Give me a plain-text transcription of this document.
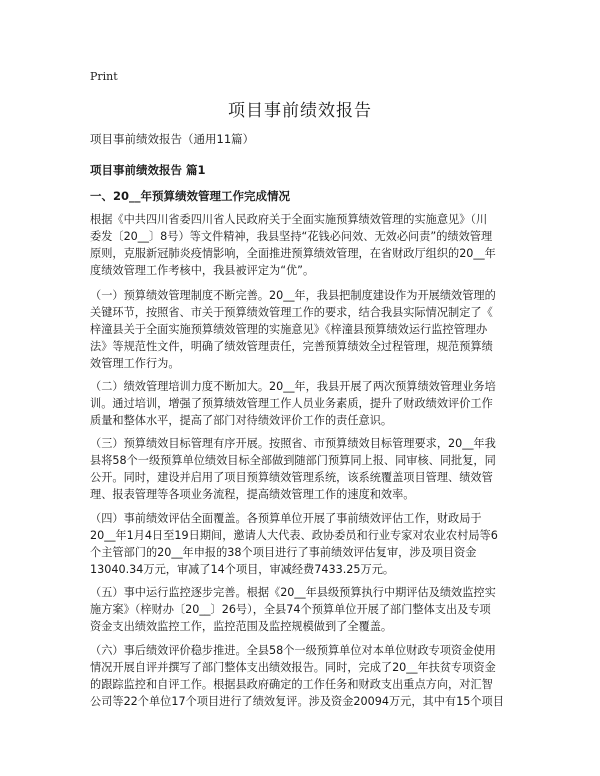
Print
项目事前绩效报告
项目事前绩效报告（通用11篇）
项目事前绩效报告 篇1
一、20__年预算绩效管理工作完成情况
根据《中共四川省委四川省人民政府关于全面实施预算绩效管理的实施意见》（川
委发〔20__〕8号）等文件精神，我县坚持“花钱必问效、无效必问责”的绩效管理
原则，克服新冠肺炎疫情影响，全面推进预算绩效管理，在省财政厅组织的20__年
度绩效管理工作考核中，我县被评定为“优”。
（一）预算绩效管理制度不断完善。20__年，我县把制度建设作为开展绩效管理的
关键环节，按照省、市关于预算绩效管理工作的要求，结合我县实际情况制定了《
梓潼县关于全面实施预算绩效管理的实施意见》《梓潼县预算绩效运行监控管理办
法》等规范性文件，明确了绩效管理责任，完善预算绩效全过程管理，规范预算绩
效管理工作行为。
（二）绩效管理培训力度不断加大。20__年，我县开展了两次预算绩效管理业务培
训。通过培训，增强了预算绩效管理工作人员业务素质，提升了财政绩效评价工作
质量和整体水平，提高了部门对待绩效评价工作的责任意识。
（三）预算绩效目标管理有序开展。按照省、市预算绩效目标管理要求，20__年我
县将58个一级预算单位绩效目标全部做到随部门预算同上报、同审核、同批复，同
公开。同时，建设并启用了项目预算绩效管理系统，该系统覆盖项目管理、绩效管
理、报表管理等各项业务流程，提高绩效管理工作的速度和效率。
（四）事前绩效评估全面覆盖。各预算单位开展了事前绩效评估工作，财政局于
20__年1月4日至19日期间，邀请人大代表、政协委员和行业专家对农业农村局等6
个主管部门的20__年申报的38个项目进行了事前绩效评估复审，涉及项目资金
13040.34万元，审减了14个项目，审减经费7433.25万元。
（五）事中运行监控逐步完善。根据《20__年县级预算执行中期评估及绩效监控实
施方案》（梓财办〔20__〕26号），全县74个预算单位开展了部门整体支出及专项
资金支出绩效监控工作，监控范围及监控规模做到了全覆盖。
（六）事后绩效评价稳步推进。全县58个一级预算单位对本单位财政专项资金使用
情况开展自评并撰写了部门整体支出绩效报告。同时，完成了20__年扶贫专项资金
的跟踪监控和自评工作。根据县政府确定的工作任务和财政支出重点方向，对汇智
公司等22个单位17个项目进行了绩效复评。涉及资金20094万元，其中有15个项目
